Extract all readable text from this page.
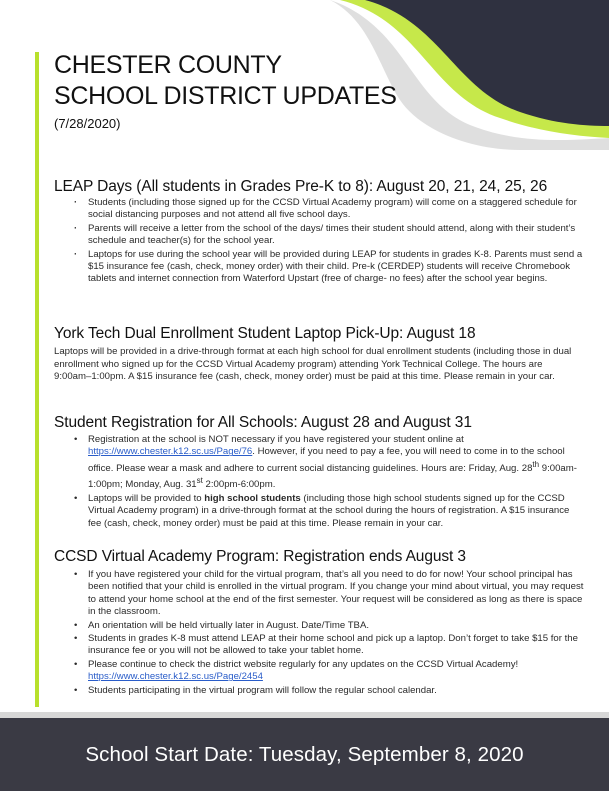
CHESTER COUNTY
SCHOOL DISTRICT UPDATES
(7/28/2020)
LEAP Days (All students in Grades Pre-K to 8): August 20, 21, 24, 25, 26
· Students (including those signed up for the CCSD Virtual Academy program) will come on a staggered schedule for social distancing purposes and not attend all five school days.
· Parents will receive a letter from the school of the days/ times their student should attend, along with their student’s schedule and teacher(s) for the school year.
· Laptops for use during the school year will be provided during LEAP for students in grades K-8. Parents must send a $15 insurance fee (cash, check, money order) with their child. Pre-k (CERDEP) students will receive Chromebook tablets and internet connection from Waterford Upstart (free of charge- no fees) after the school year begins.
York Tech Dual Enrollment Student Laptop Pick-Up: August 18

Laptops will be provided in a drive-through format at each high school for dual enrollment students (including those in dual enrollment who signed up for the CCSD Virtual Academy program) attending York Technical College. The hours are 9:00am–1:00pm. A $15 insurance fee (cash, check, money order) must be paid at this time. Please remain in your car.

Student Registration for All Schools: August 28 and August 31
• Registration at the school is NOT necessary if you have registered your student online at https://www.chester.k12.sc.us/Page/76. However, if you need to pay a fee, you will need to come in to the school office. Please wear a mask and adhere to current social distancing guidelines. Hours are: Friday, Aug. 28th 9:00am-1:00pm; Monday, Aug. 31st 2:00pm-6:00pm.
• Laptops will be provided to high school students (including those high school students signed up for the CCSD Virtual Academy program) in a drive-through format at the school during the hours of registration. A $15 insurance fee (cash, check, money order) must be paid at this time. Please remain in your car.
CCSD Virtual Academy Program: Registration ends August 3
• If you have registered your child for the virtual program, that’s all you need to do for now! Your school principal has been notified that your child is enrolled in the virtual program. If you change your mind about virtual, you may request to attend your home school at the end of the first semester. Your request will be considered as long as there is space in the classroom.
• An orientation will be held virtually later in August. Date/Time TBA.
• Students in grades K-8 must attend LEAP at their home school and pick up a laptop. Don’t forget to take $15 for the insurance fee or you will not be allowed to take your tablet home.
• Please continue to check the district website regularly for any updates on the CCSD Virtual Academy!
https://www.chester.k12.sc.us/Page/2454
• Students participating in the virtual program will follow the regular school calendar.
School Start Date: Tuesday, September 8, 2020
